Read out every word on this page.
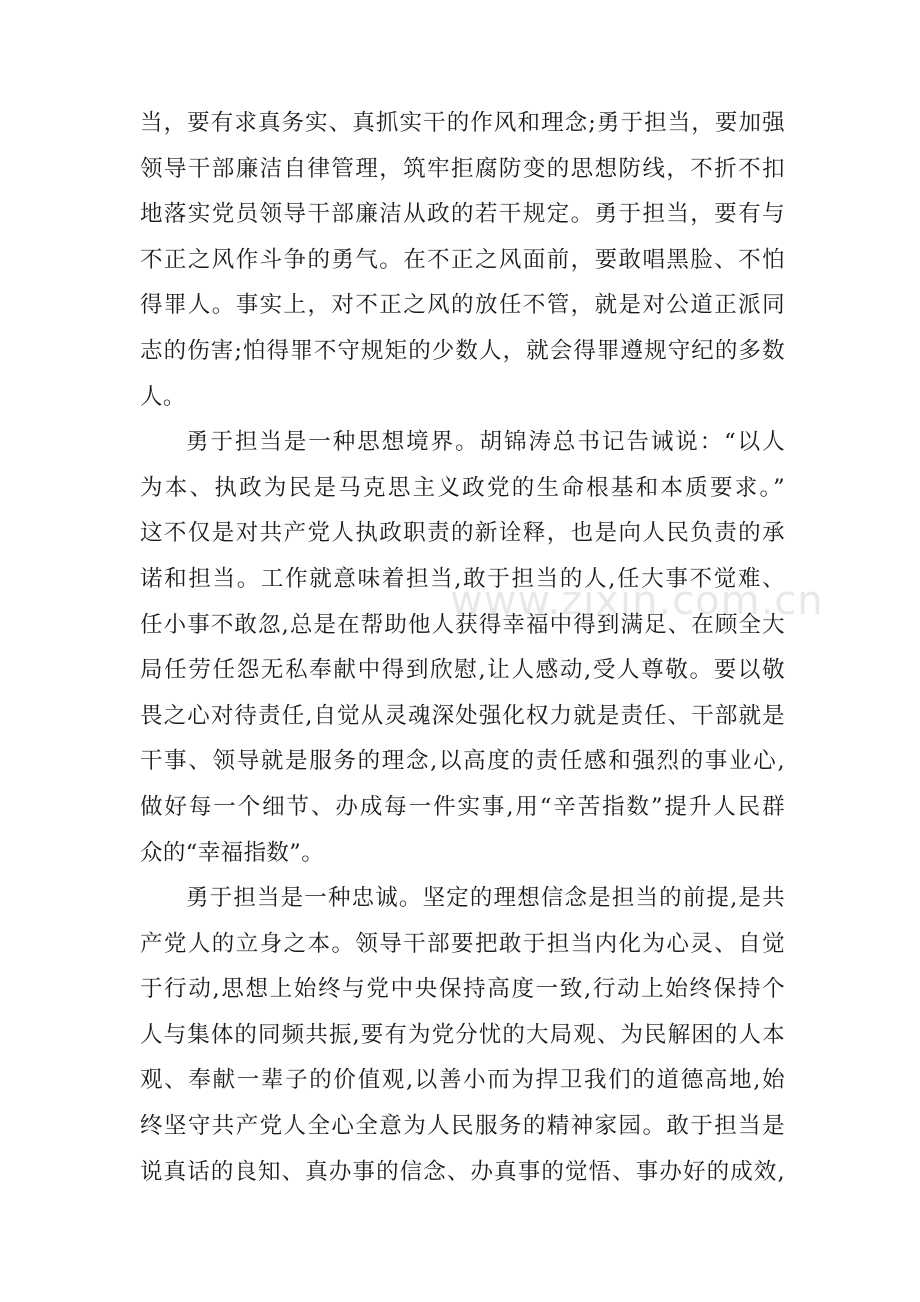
当，要有求真务实、真抓实干的作风和理念;勇于担当，要加强
领导干部廉洁自律管理，筑牢拒腐防变的思想防线，不折不扣
地落实党员领导干部廉洁从政的若干规定。勇于担当，要有与
不正之风作斗争的勇气。在不正之风面前，要敢唱黑脸、不怕
得罪人。事实上，对不正之风的放任不管，就是对公道正派同
志的伤害;怕得罪不守规矩的少数人，就会得罪遵规守纪的多数
人。
勇于担当是一种思想境界。胡锦涛总书记告诫说：“以人
为本、执政为民是马克思主义政党的生命根基和本质要求。”
这不仅是对共产党人执政职责的新诠释，也是向人民负责的承
诺和担当。工作就意味着担当,敢于担当的人,任大事不觉难、
任小事不敢忽,总是在帮助他人获得幸福中得到满足、在顾全大
局任劳任怨无私奉献中得到欣慰,让人感动,受人尊敬。要以敬
畏之心对待责任,自觉从灵魂深处强化权力就是责任、干部就是
干事、领导就是服务的理念,以高度的责任感和强烈的事业心,
做好每一个细节、办成每一件实事,用“辛苦指数”提升人民群
众的“幸福指数”。
勇于担当是一种忠诚。坚定的理想信念是担当的前提,是共
产党人的立身之本。领导干部要把敢于担当内化为心灵、自觉
于行动,思想上始终与党中央保持高度一致,行动上始终保持个
人与集体的同频共振,要有为党分忧的大局观、为民解困的人本
观、奉献一辈子的价值观,以善小而为捍卫我们的道德高地,始
终坚守共产党人全心全意为人民服务的精神家园。敢于担当是
说真话的良知、真办事的信念、办真事的觉悟、事办好的成效,
www.zixin.com.cn
